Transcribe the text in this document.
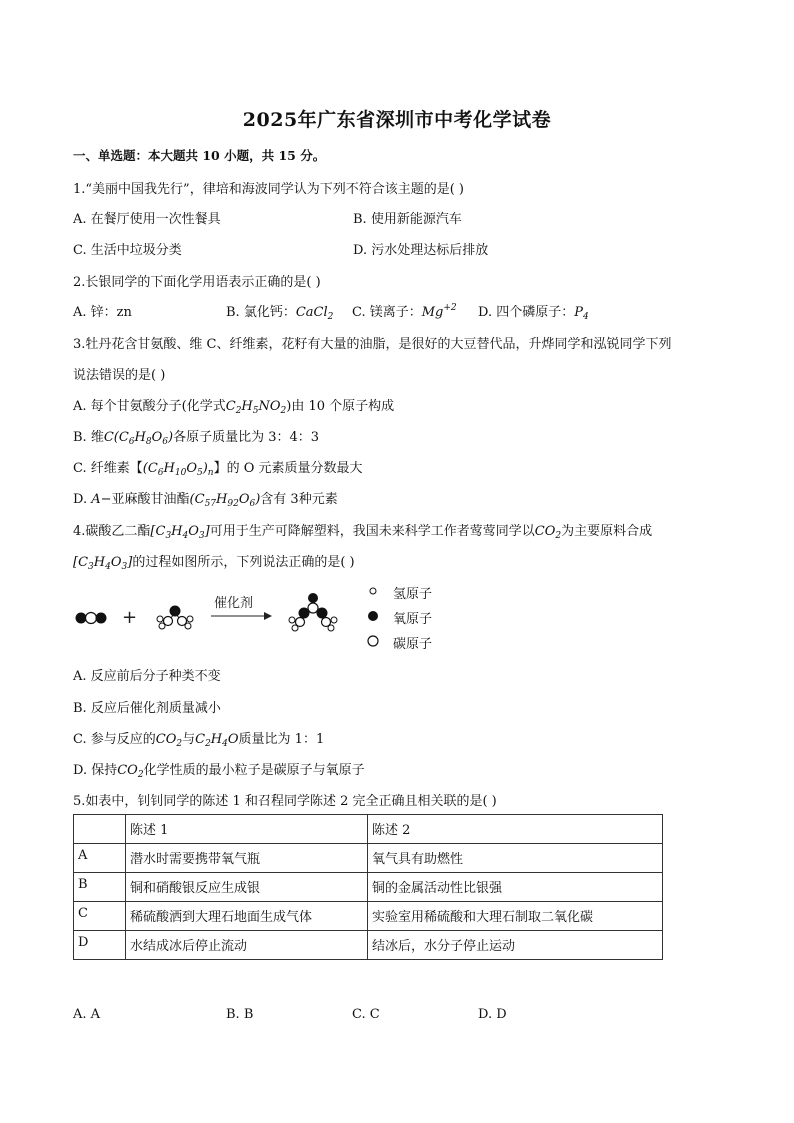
2025年广东省深圳市中考化学试卷
一、单选题：本大题共 10 小题，共 15 分。
1.“美丽中国我先行”，律培和海波同学认为下列不符合该主题的是( )
A. 在餐厅使用一次性餐具	B. 使用新能源汽车
C. 生活中垃圾分类	D. 污水处理达标后排放
2.长银同学的下面化学用语表示正确的是( )
A. 锌：zn	B. 氯化钙：CaCl$_2$ C. 镁离子：$Mg^{+2}$ D. 四个磷原子：$P_4$
3.牡丹花含甘氨酸、维 C、纤维素，花籽有大量的油脂，是很好的大豆替代品，升烨同学和泓锐同学下列
说法错误的是( )
A. 每个甘氨酸分子(化学式$C_2H_5NO_2$)由 10 个原子构成
B. 维$C(C_6H_8O_6)$各原子质量比为 3：4：3
C. 纤维素【$(C_6H_{10}O_5)_n$】的 O 元素质量分数最大
D. A−亚麻酸甘油酯$(C_{57}H_{92}O_6)$含有 3种元素
4.碳酸乙二酯$[C_3H_4O_3]$可用于生产可降解塑料，我国未来科学工作者莺莺同学以$CO_2$为主要原料合成
$[C_3H_4O_3]$的过程如图所示，下列说法正确的是( )
+
催化剂
氢原子
氧原子
碳原子
A. 反应前后分子种类不变
B. 反应后催化剂质量减小
C. 参与反应的$CO_2$与$C_2H_4O$质量比为 1：1
D. 保持$CO_2$化学性质的最小粒子是碳原子与氧原子
5.如表中，钊钊同学的陈述 1 和召程同学陈述 2 完全正确且相关联的是( )
	陈述 1	陈述 2
A	潜水时需要携带氧气瓶	氧气具有助燃性
B	铜和硝酸银反应生成银	铜的金属活动性比银强
C	稀硫酸洒到大理石地面生成气体	实验室用稀硫酸和大理石制取二氧化碳
D	水结成冰后停止流动	结冰后，水分子停止运动
A. A	B. B	C. C	D. D
